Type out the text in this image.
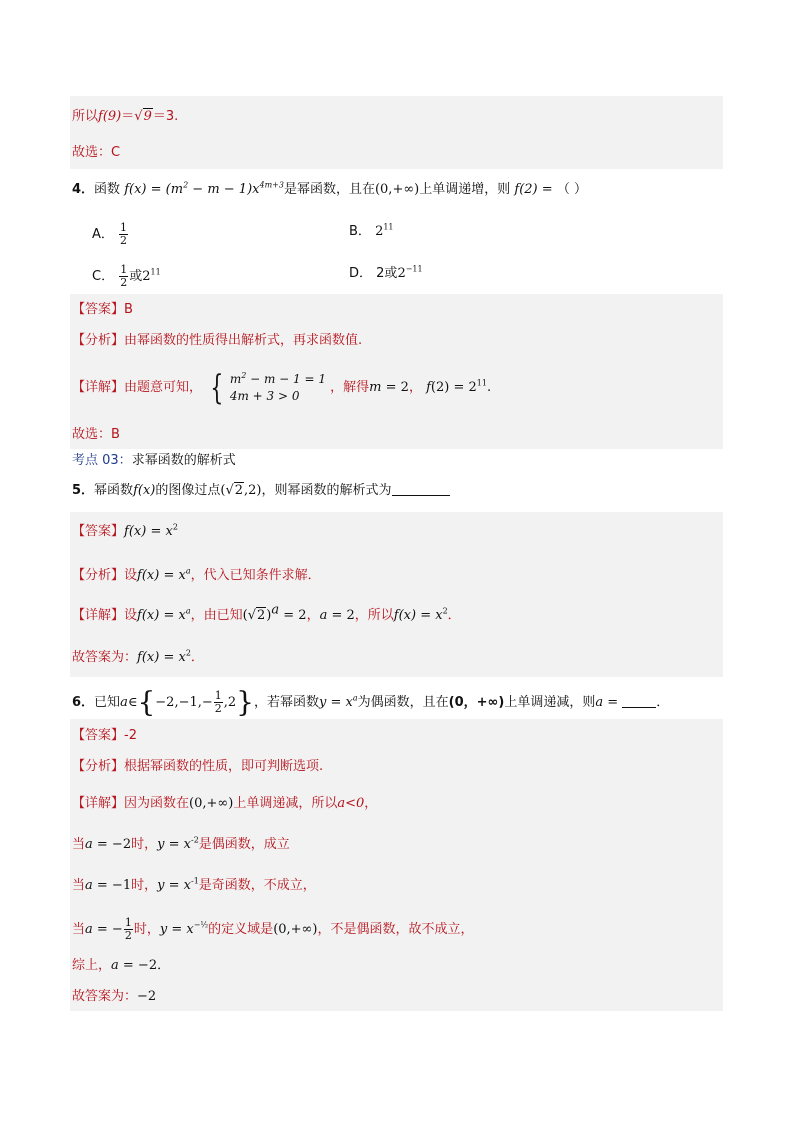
所以f(9)＝√9＝3.
故选：C
4．函数 $f(x) = (m^2 - m - 1)x^{4m+3}$是幂函数，且在(0,+∞)上单调递增，则 f(2) = （ ）
A． $\frac{1}{2}$	B． $2^{11}$
C． $\frac{1}{2}$ 或$2^{11}$	D． 2或$2^{-11}$
【答案】B
【分析】由幂函数的性质得出解析式，再求函数值.
【详解】由题意可知， { $m^2 - m - 1 = 1$
4m + 3 > 0
，解得m = 2， $f(2) = 2^{11}$.
故选：B
考点 03：求幂函数的解析式
5．幂函数f(x)的图像过点(√2,2)，则幂函数的解析式为
【答案】$f(x) = x^2$
【分析】设$f(x) = x^a$，代入已知条件求解．
【详解】设$f(x) = x^a$，由已知$(√2)^a = 2$，a = 2，所以$f(x) = x^2$．
故答案为：$f(x) = x^2$．
6．已知a∈{−2,−1,− $\frac{1}{2} ,2$}，若幂函数$y = x^a$为偶函数，且在(0，+∞)上单调递减，则a =	．
【答案】-2
【分析】根据幂函数的性质，即可判断选项.
【详解】因为函数在(0,+∞)上单调递减，所以a<0，
当a = −2时，$y = x^{-2}$是偶函数，成立
当a = −1时，$y = x^{-1}$是奇函数，不成立，
当a = − $\frac{1}{2}$ 时，$y = x^{-\frac{1}{2}}$的定义域是(0,+∞)，不是偶函数，故不成立，
综上，a = −2．
故答案为：−2
